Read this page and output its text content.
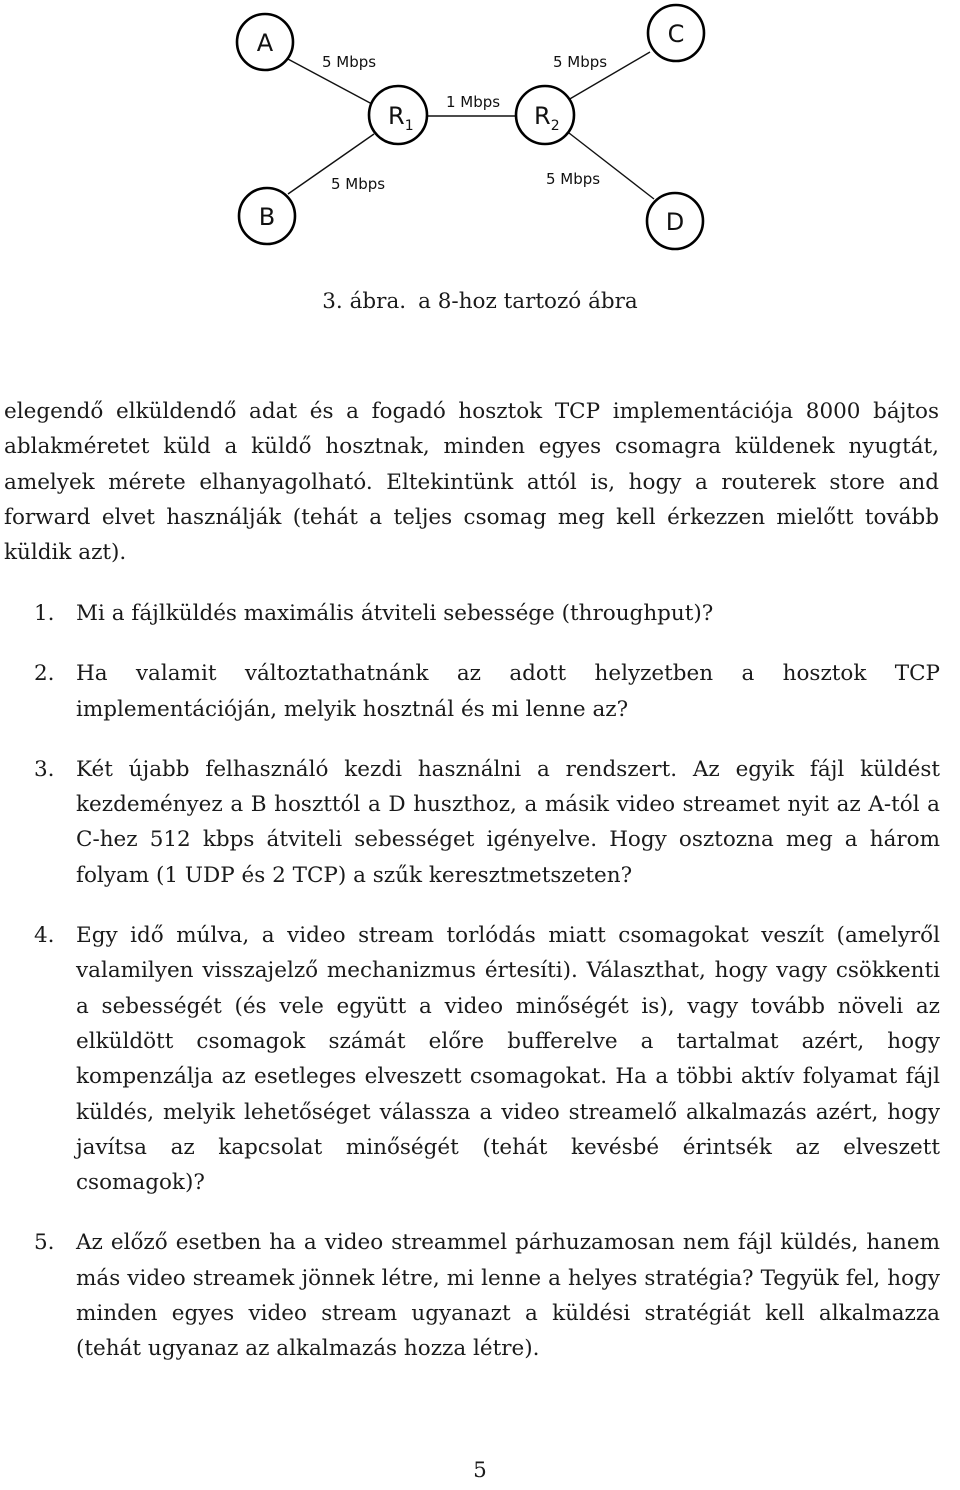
A
B
C
D
R1	R2
5 Mbps	5 Mbps
1 Mbps
5 Mbps	5 Mbps
3. ábra. a 8-hoz tartozó ábra

elegendő elküldendő adat és a fogadó hosztok TCP implementációja 8000 bájtos ablakméretet küld a küldő hosztnak, minden egyes csomagra küldenek nyugtát, amelyek mérete elhanyagolható. Eltekintünk attól is, hogy a routerek store and forward elvet használják (tehát a teljes csomag meg kell érkezzen mielőtt tovább küldik azt).

1. Mi a fájlküldés maximális átviteli sebessége (throughput)?
2. Ha valamit változtathatnánk az adott helyzetben a hosztok TCP implementációján, melyik hosztnál és mi lenne az?
3. Két újabb felhasználó kezdi használni a rendszert. Az egyik fájl küldést kezdeményez a B hoszttól a D huszthoz, a másik video streamet nyit az A-tól a C-hez 512 kbps átviteli sebességet igényelve. Hogy osztozna meg a három folyam (1 UDP és 2 TCP) a szűk keresztmetszeten?
4. Egy idő múlva, a video stream torlódás miatt csomagokat veszít (amelyről valamilyen visszajelző mechanizmus értesíti). Választhat, hogy vagy csökkenti a sebességét (és vele együtt a video minőségét is), vagy tovább növeli az elküldött csomagok számát előre bufferelve a tartalmat azért, hogy kompenzálja az esetleges elveszett csomagokat. Ha a többi aktív folyamat fájl küldés, melyik lehetőséget válassza a video streamelő alkalmazás azért, hogy javítsa az kapcsolat minőségét (tehát kevésbé érintsék az elveszett csomagok)?
5. Az előző esetben ha a video streammel párhuzamosan nem fájl küldés, hanem más video streamek jönnek létre, mi lenne a helyes stratégia? Tegyük fel, hogy minden egyes video stream ugyanazt a küldési stratégiát kell alkalmazza (tehát ugyanaz az alkalmazás hozza létre).
5
